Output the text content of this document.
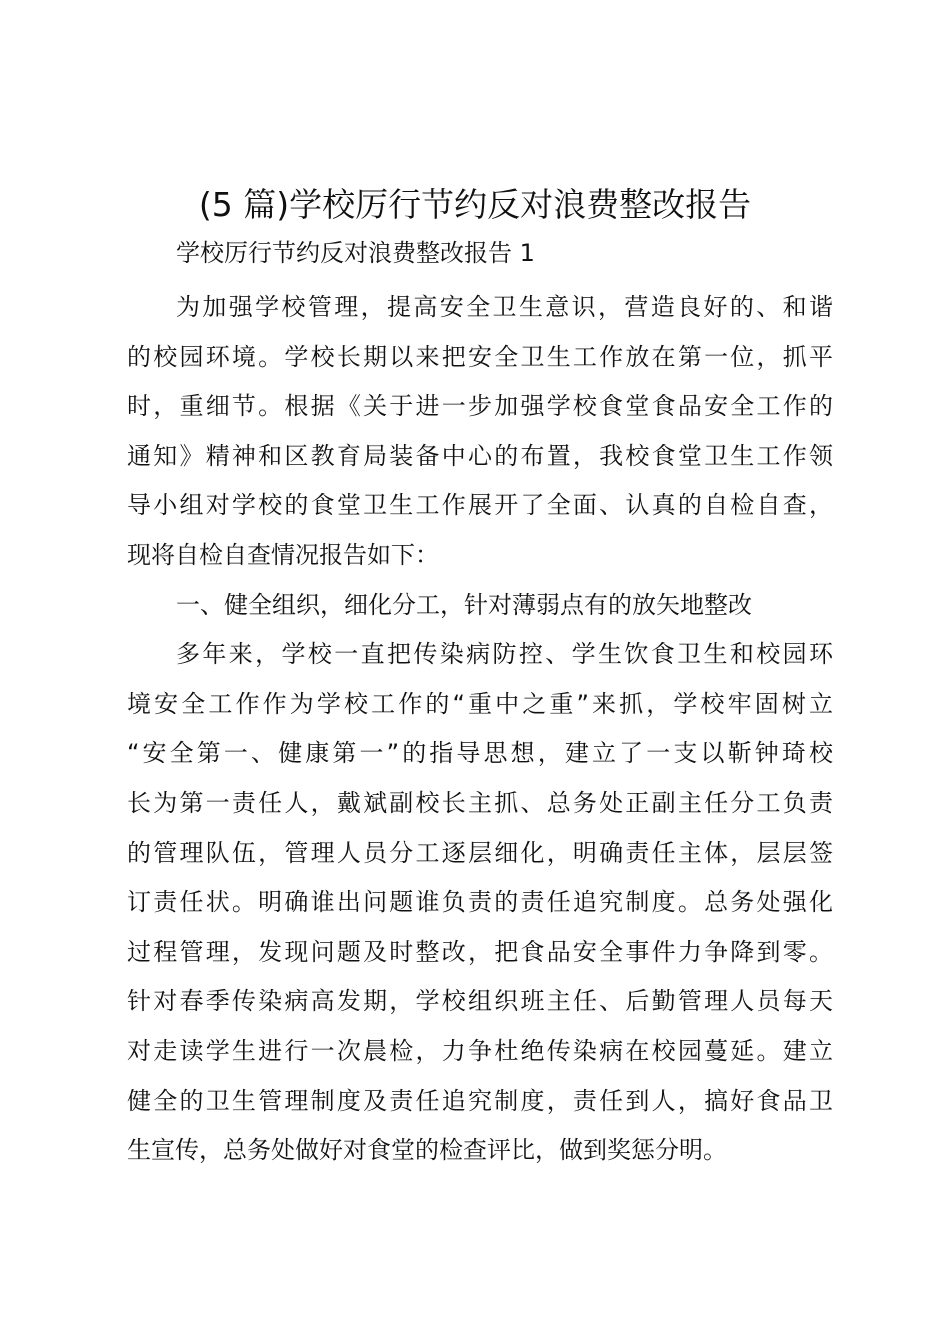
(5 篇)学校厉行节约反对浪费整改报告
学校厉行节约反对浪费整改报告 1

为加强学校管理，提高安全卫生意识，营造良好的、和谐
的校园环境。学校长期以来把安全卫生工作放在第一位，抓平
时，重细节。根据《关于进一步加强学校食堂食品安全工作的
通知》精神和区教育局装备中心的布置，我校食堂卫生工作领
导小组对学校的食堂卫生工作展开了全面、认真的自检自查，
现将自检自查情况报告如下：

一、健全组织，细化分工，针对薄弱点有的放矢地整改

多年来，学校一直把传染病防控、学生饮食卫生和校园环
境安全工作作为学校工作的“重中之重”来抓，学校牢固树立
“安全第一、健康第一”的指导思想，建立了一支以靳钟琦校
长为第一责任人，戴斌副校长主抓、总务处正副主任分工负责
的管理队伍，管理人员分工逐层细化，明确责任主体，层层签
订责任状。明确谁出问题谁负责的责任追究制度。总务处强化
过程管理，发现问题及时整改，把食品安全事件力争降到零。
针对春季传染病高发期，学校组织班主任、后勤管理人员每天
对走读学生进行一次晨检，力争杜绝传染病在校园蔓延。建立
健全的卫生管理制度及责任追究制度，责任到人，搞好食品卫
生宣传，总务处做好对食堂的检查评比，做到奖惩分明。
